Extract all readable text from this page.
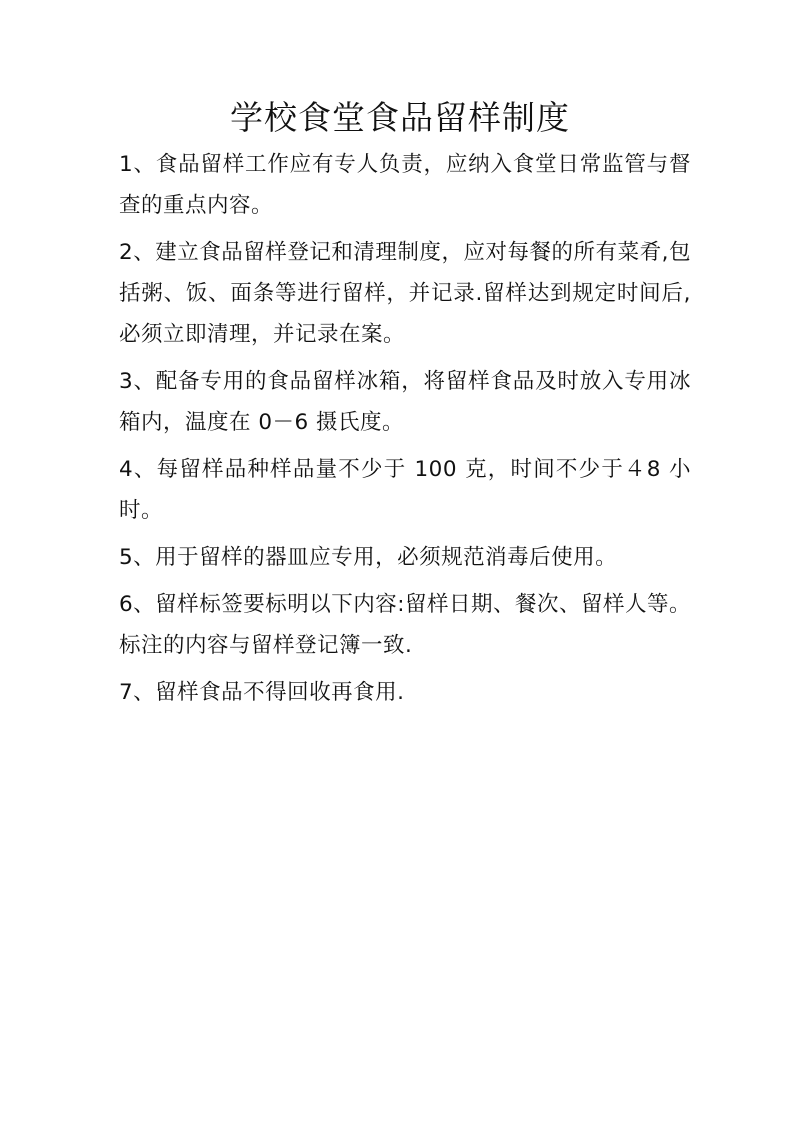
学校食堂食品留样制度

1、食品留样工作应有专人负责，应纳入食堂日常监管与督查的重点内容。

2、建立食品留样登记和清理制度，应对每餐的所有菜肴,包括粥、饭、面条等进行留样，并记录.留样达到规定时间后,必须立即清理，并记录在案。

3、配备专用的食品留样冰箱，将留样食品及时放入专用冰箱内，温度在 0－6 摄氏度。

4、每留样品种样品量不少于 100 克，时间不少于４8 小时。

5、用于留样的器皿应专用，必须规范消毒后使用。

6、留样标签要标明以下内容:留样日期、餐次、留样人等。标注的内容与留样登记簿一致.

7、留样食品不得回收再食用.
